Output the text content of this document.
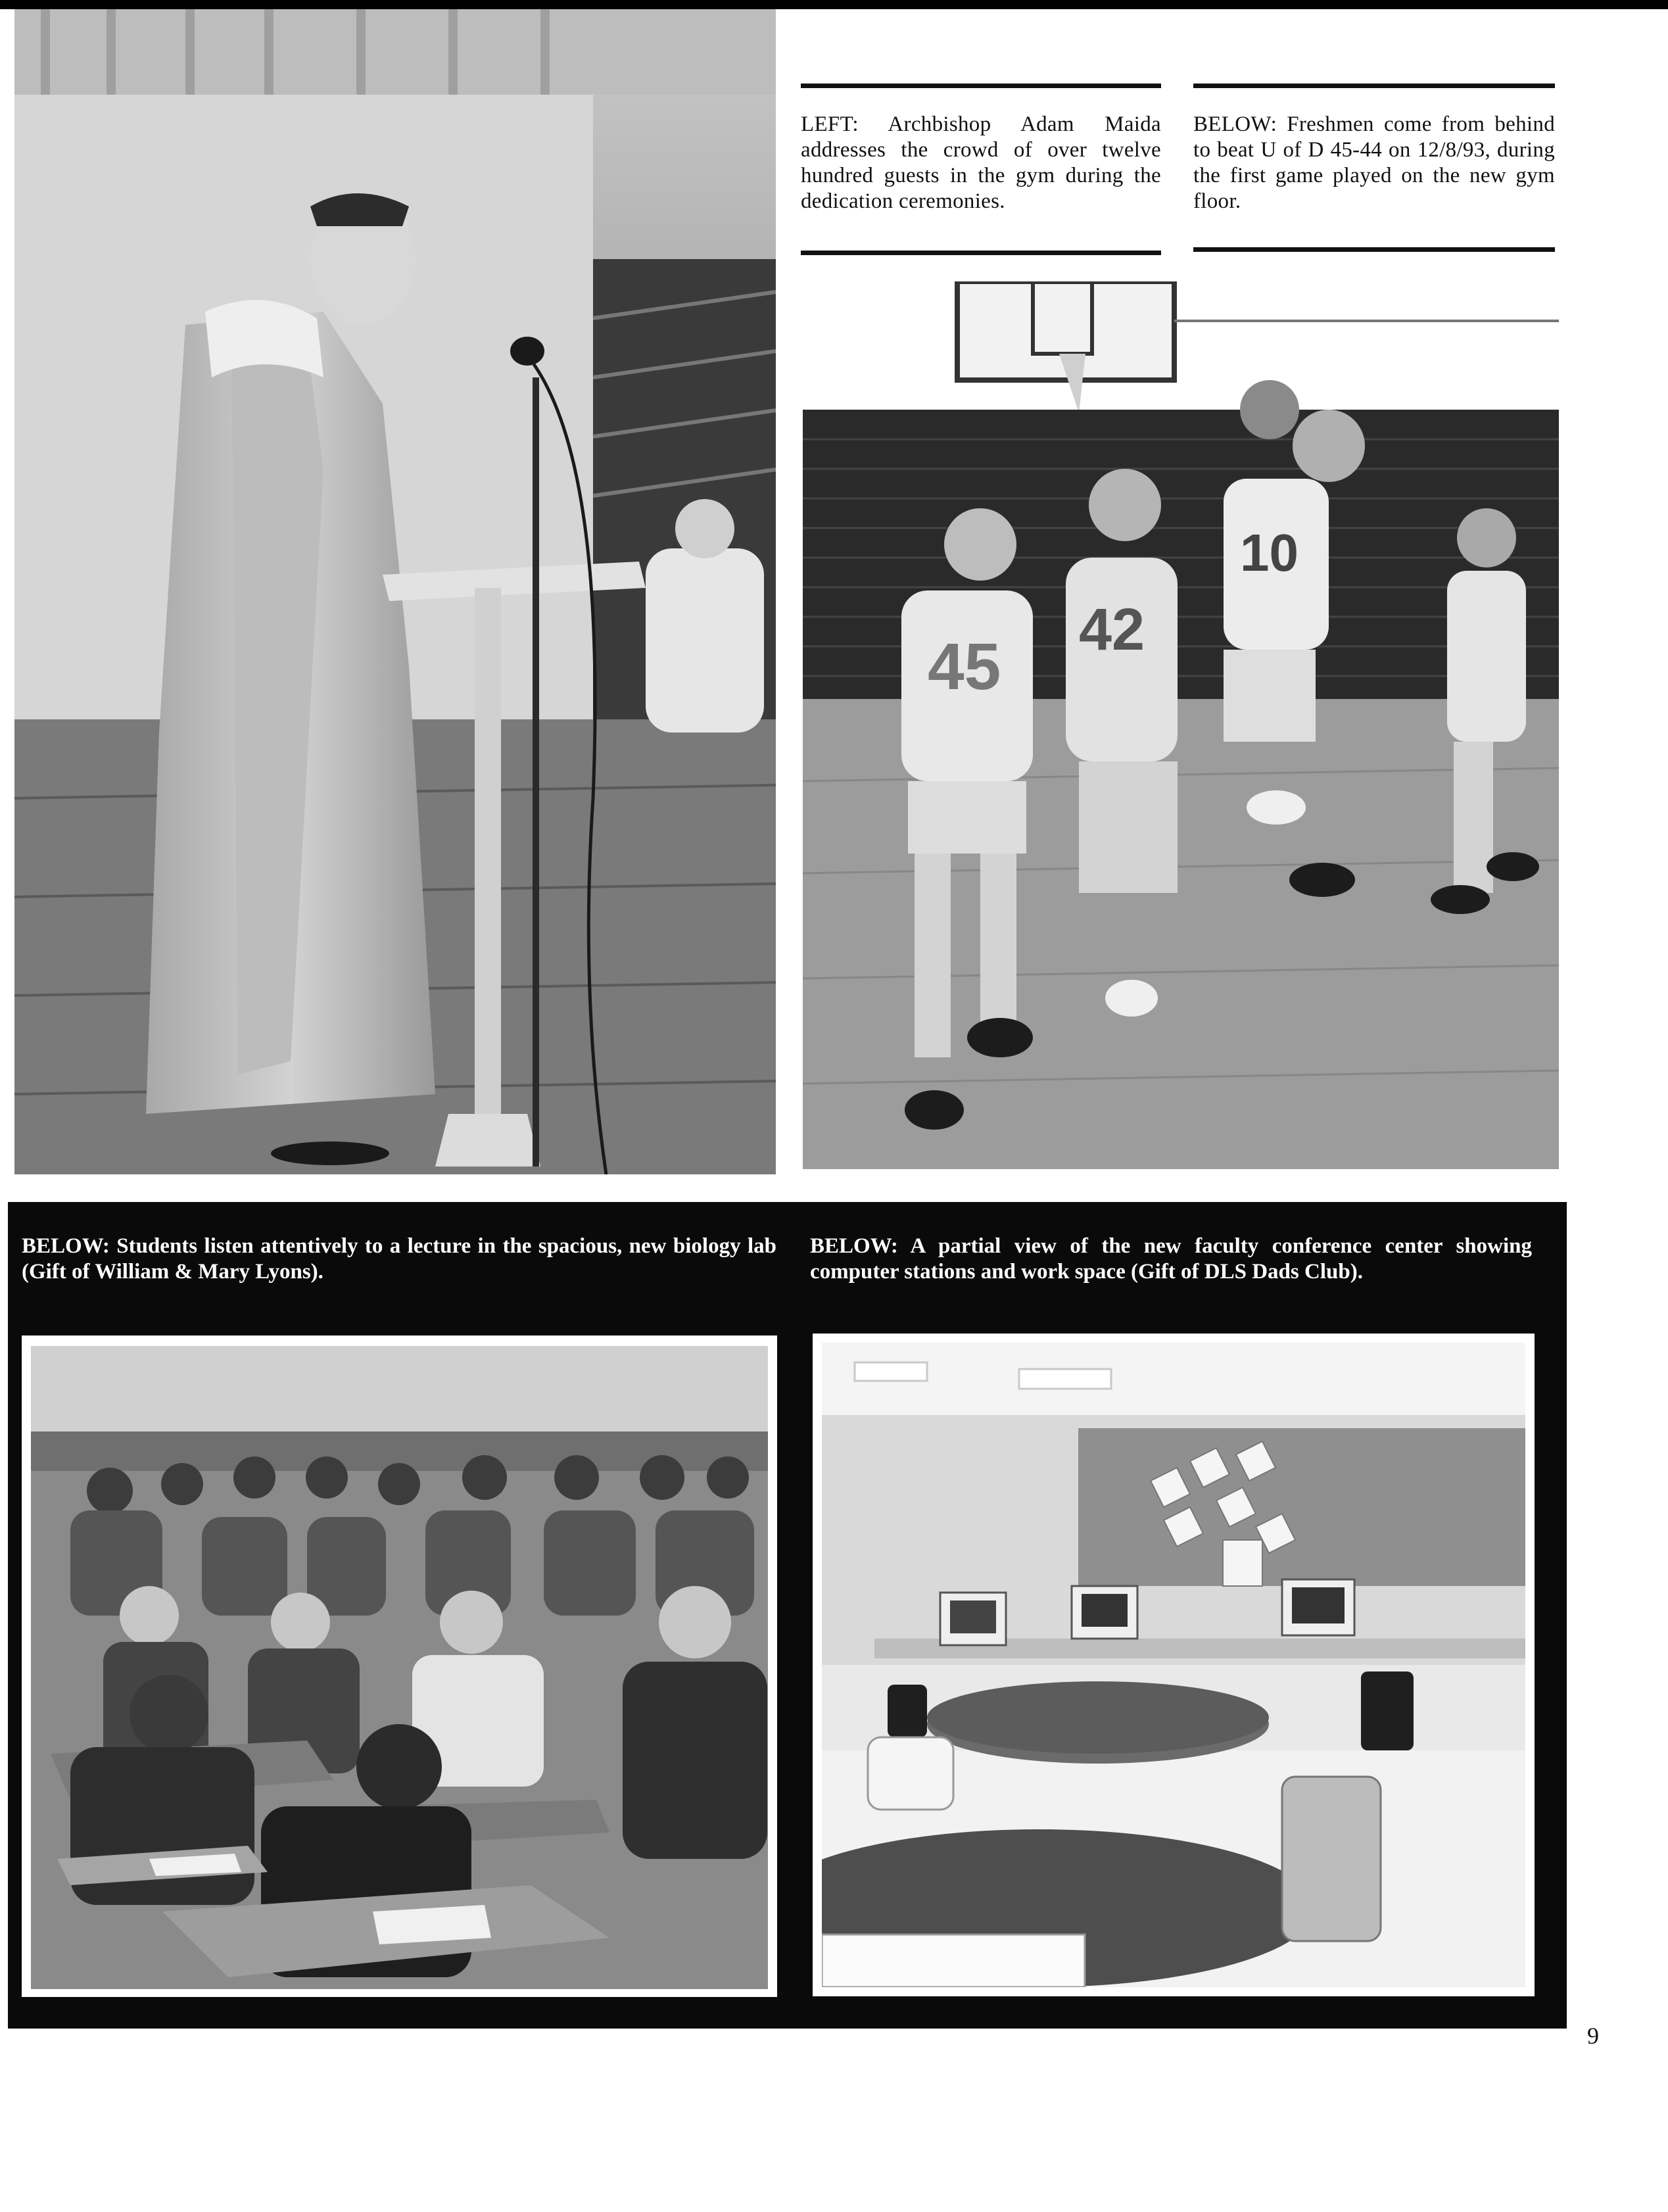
LEFT: Archbishop Adam Maida addresses the crowd of over twelve hundred guests in the gym during the dedication ceremonies.
BELOW: Freshmen come from behind to beat U of D 45-44 on 12/8/93, during the first game played on the new gym floor.
45 42
10
BELOW: Students listen attentively to a lecture in the spacious, new biology lab (Gift of William & Mary Lyons).
BELOW: A partial view of the new faculty conference center showing computer stations and work space (Gift of DLS Dads Club).
9
